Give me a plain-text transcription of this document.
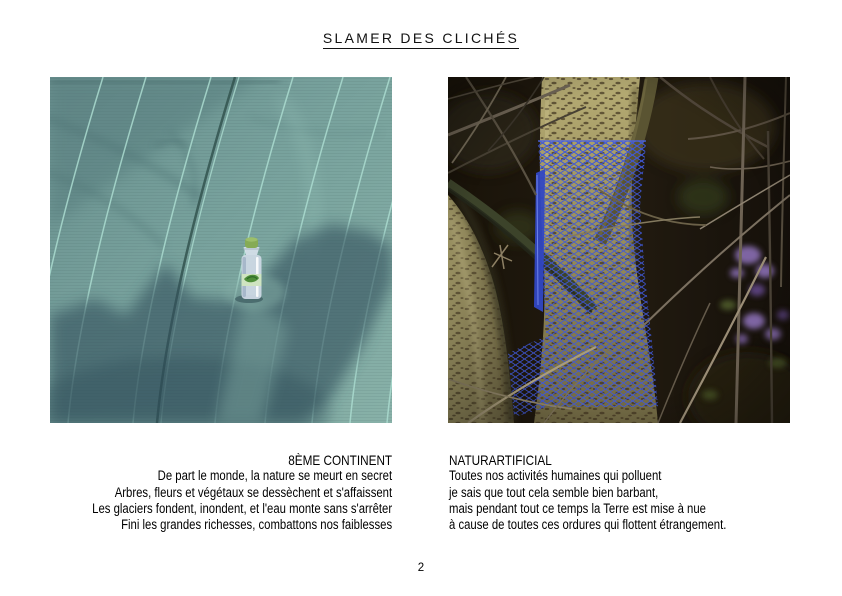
SLAMER DES CLICHÉS
8ÈME CONTINENT
De part le monde, la nature se meurt en secret
Arbres, fleurs et végétaux se dessèchent et s'affaissent
Les glaciers fondent, inondent, et l'eau monte sans s'arrêter
Fini les grandes richesses, combattons nos faiblesses
NATURARTIFICIAL
Toutes nos activités humaines qui polluent
je sais que tout cela semble bien barbant,
mais pendant tout ce temps la Terre est mise à nue
à cause de toutes ces ordures qui flottent étrangement.
2
